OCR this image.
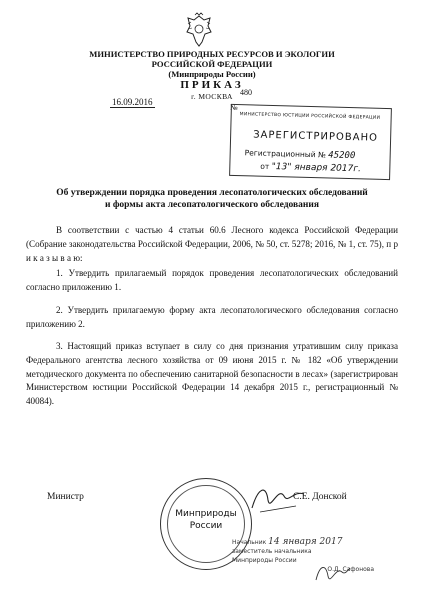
МИНИСТЕРСТВО ПРИРОДНЫХ РЕСУРСОВ И ЭКОЛОГИИ
РОССИЙСКОЙ ФЕДЕРАЦИИ
(Минприроды России)
ПРИКАЗ
г. МОСКВА
16.09.2016
480
№
МИНИСТЕРСТВО ЮСТИЦИИ РОССИЙСКОЙ ФЕДЕРАЦИИ
ЗАРЕГИСТРИРОВАНО
Регистрационный № 45200
от "13" января 2017г.
Об утверждении порядка проведения лесопатологических обследований
и формы акта лесопатологического обследования
В соответствии с частью 4 статьи 60.6 Лесного кодекса Российской Федерации (Собрание законодательства Российской Федерации, 2006, № 50, ст. 5278; 2016, № 1, ст. 75), п р и к а з ы в а ю:
1. Утвердить прилагаемый порядок проведения лесопатологических обследований согласно приложению 1.
2. Утвердить прилагаемую форму акта лесопатологического обследования согласно приложению 2.
3. Настоящий приказ вступает в силу со дня признания утратившим силу приказа Федерального агентства лесного хозяйства от 09 июня 2015 г. № 182 «Об утверждении методического документа по обеспечению санитарной безопасности в лесах» (зарегистрирован Министерством юстиции Российской Федерации 14 декабря 2015 г., регистрационный № 40084).
Министр	С.Е. Донской
Минприроды
России
Начальник 14 января 2017
заместитель начальника
Минприроды России
О.Д. Сафонова
